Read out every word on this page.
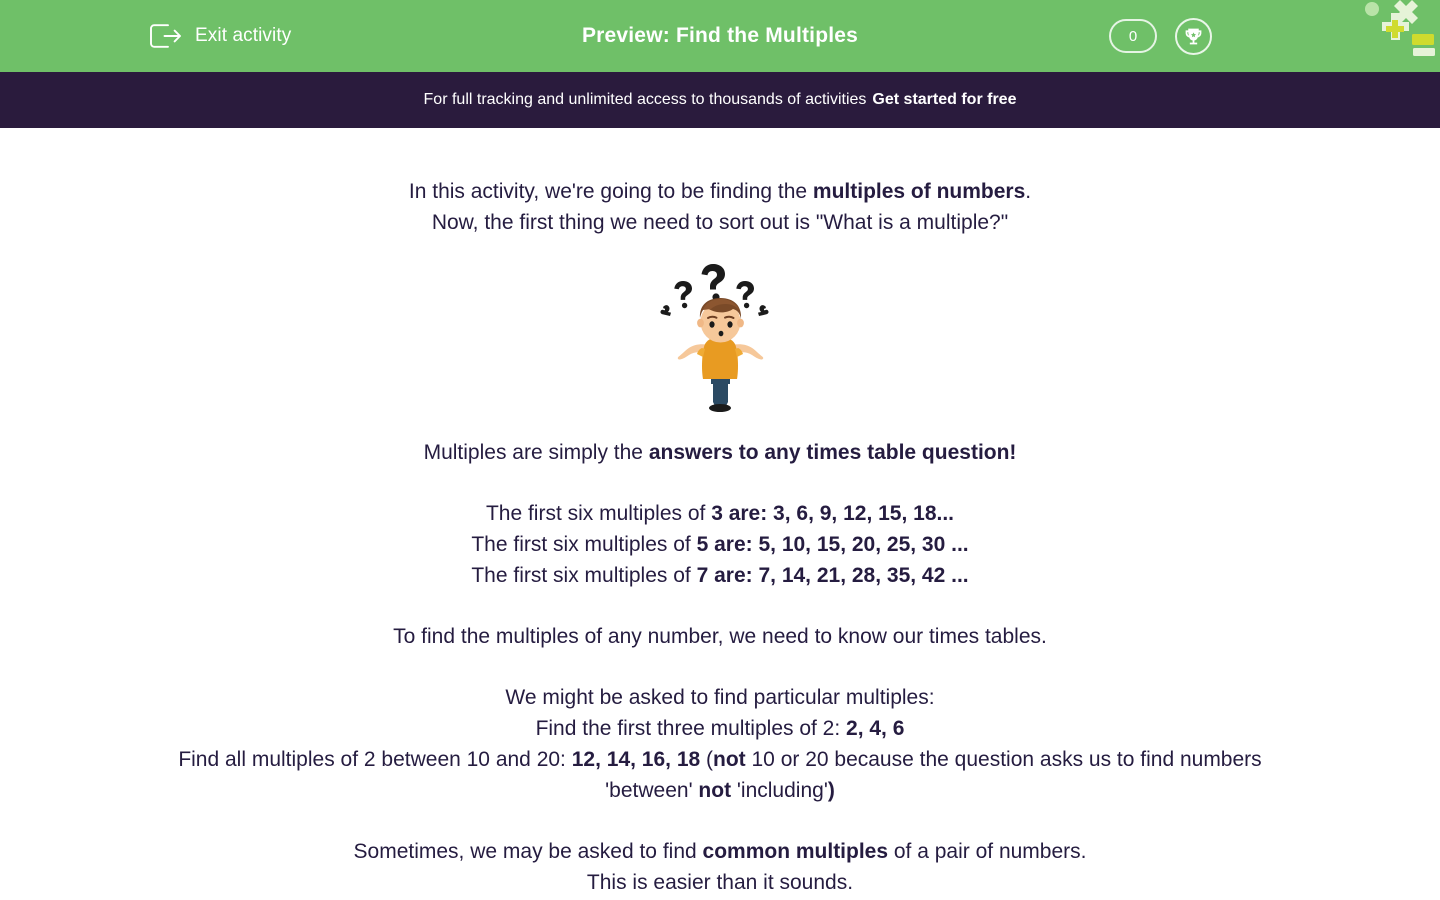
Exit activity	Preview: Find the Multiples	0
For full tracking and unlimited access to thousands of activities Get started for free

In this activity, we're going to be finding the multiples of numbers.

Now, the first thing we need to sort out is "What is a multiple?"

Multiples are simply the answers to any times table question!

The first six multiples of 3 are: 3, 6, 9, 12, 15, 18...

The first six multiples of 5 are: 5, 10, 15, 20, 25, 30 ...

The first six multiples of 7 are: 7, 14, 21, 28, 35, 42 ...

To find the multiples of any number, we need to know our times tables.

We might be asked to find particular multiples:

Find the first three multiples of 2: 2, 4, 6

Find all multiples of 2 between 10 and 20: 12, 14, 16, 18 (not 10 or 20 because the question asks us to find numbers 'between' not 'including')

Sometimes, we may be asked to find common multiples of a pair of numbers.

This is easier than it sounds.
